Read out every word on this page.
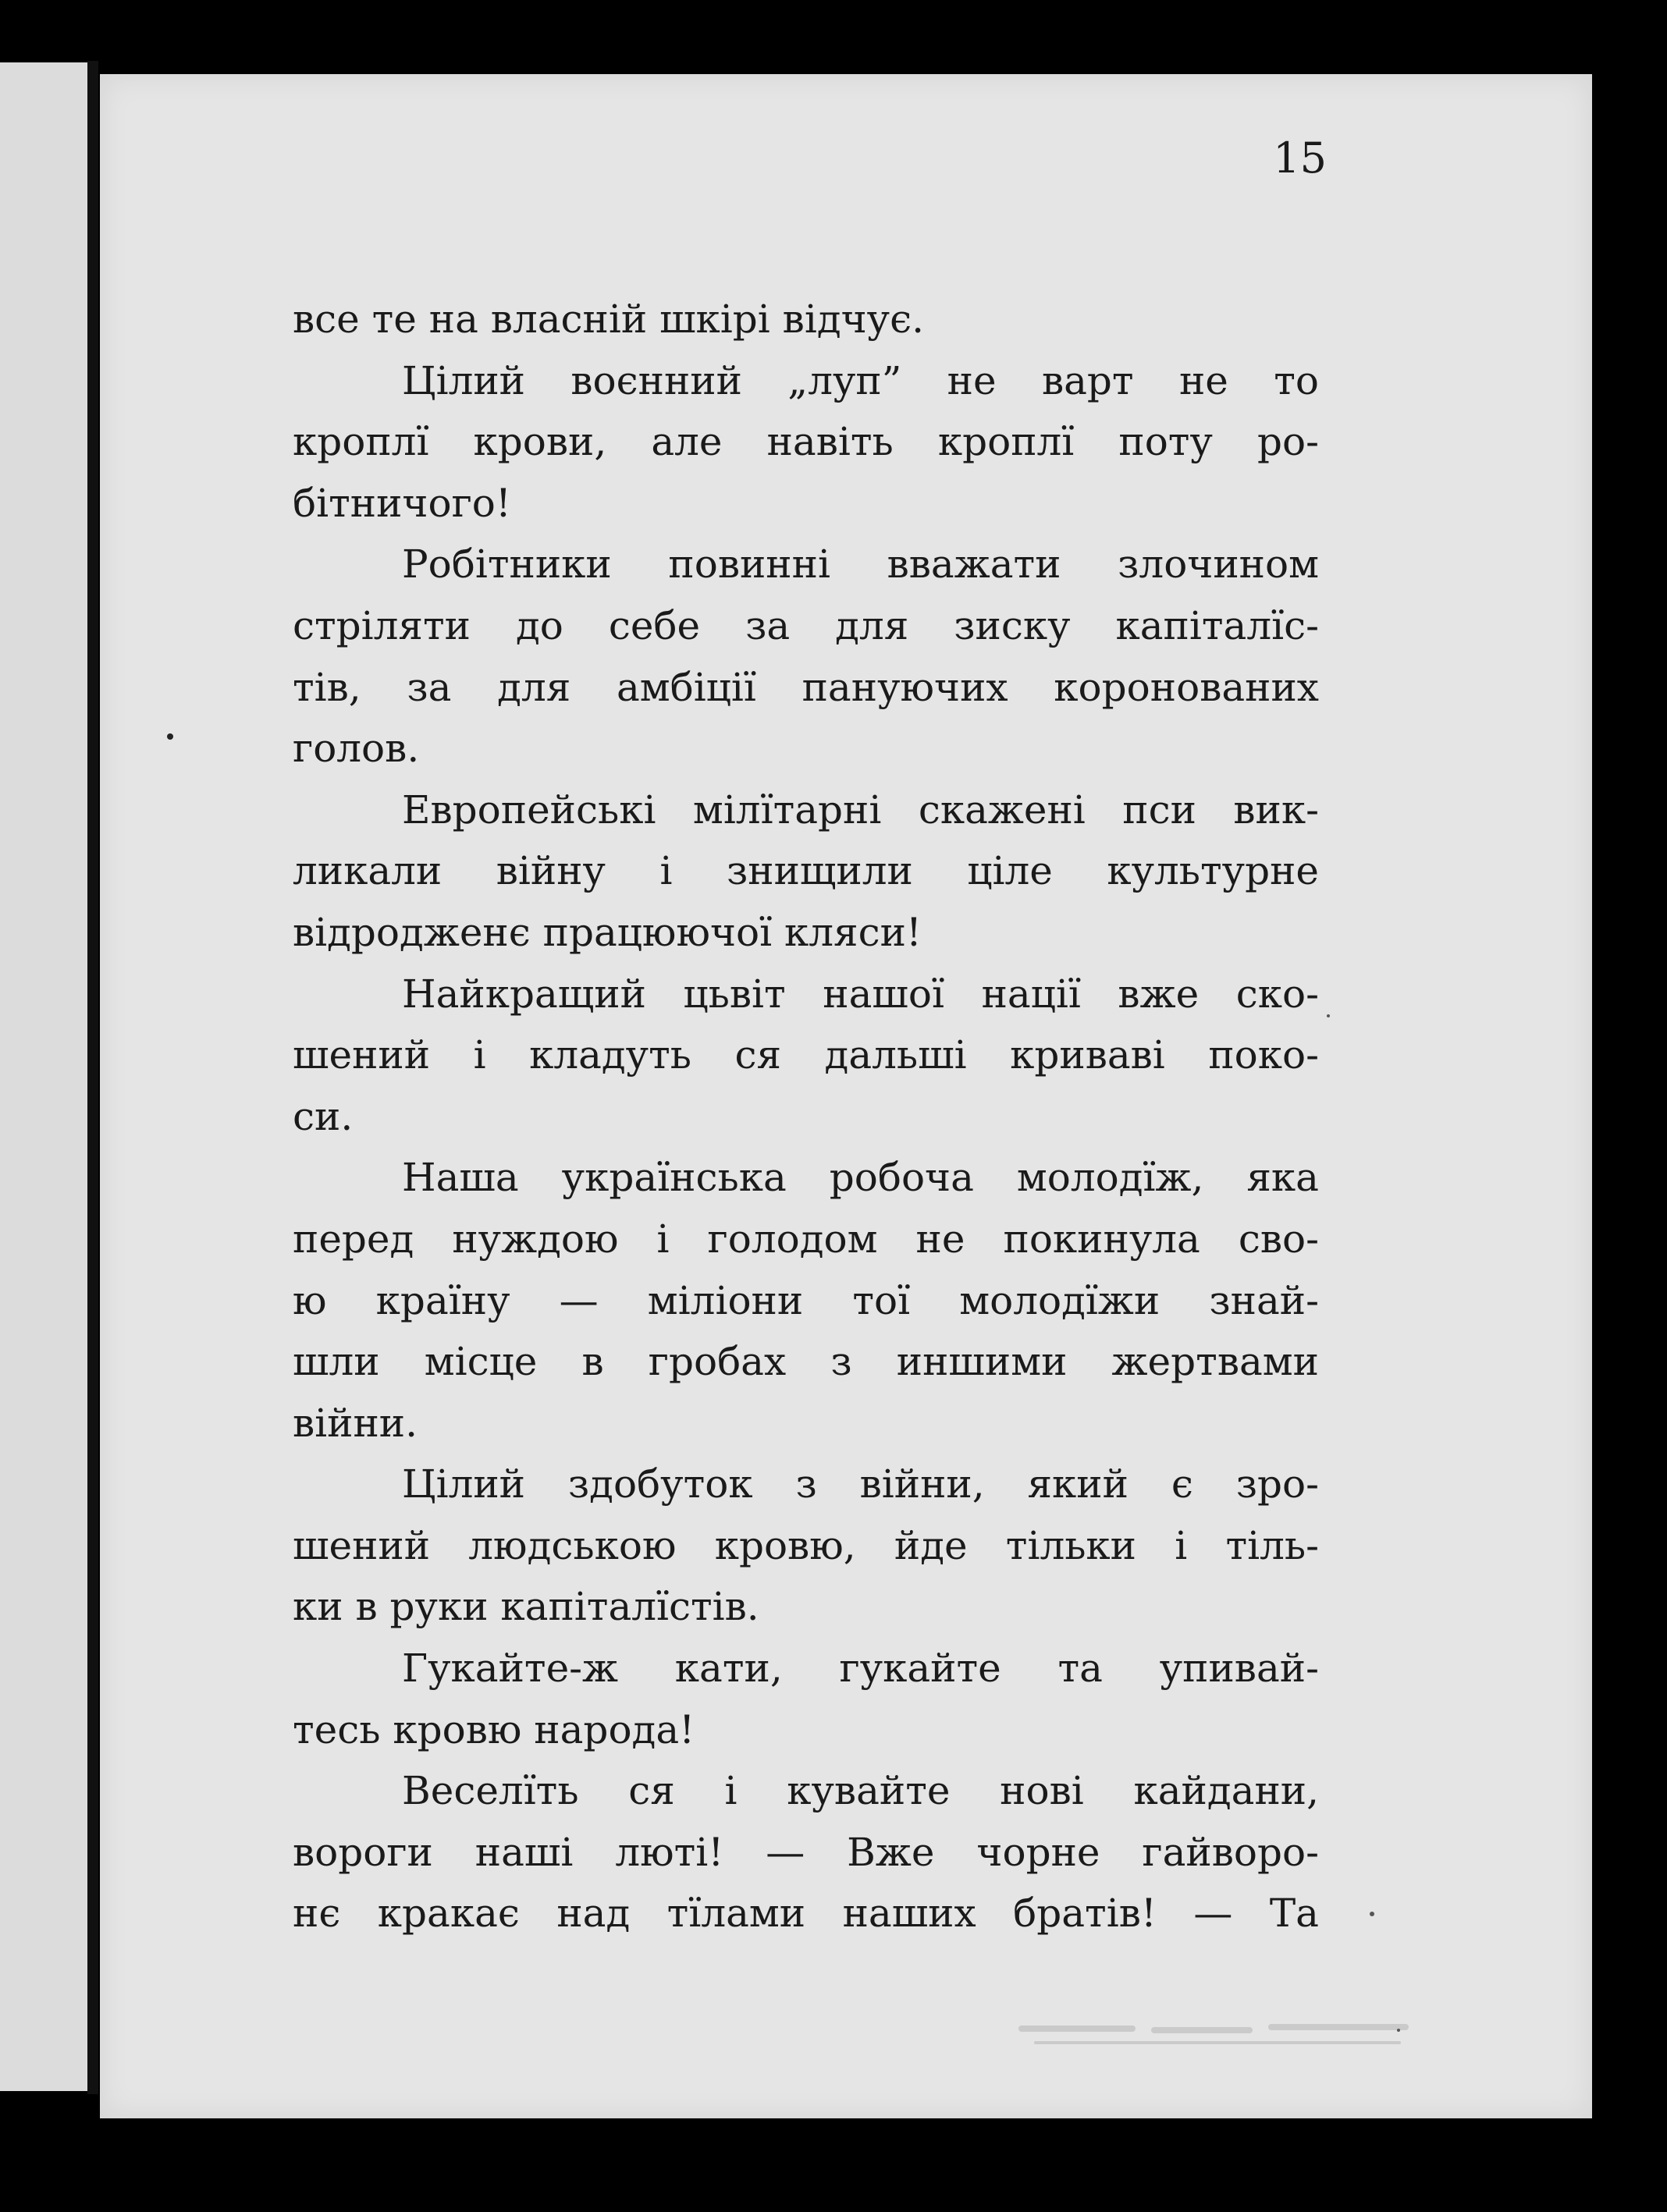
15
все те на власній шкірі відчує.
Цілий воєнний „луп” не варт не то
кроплї крови, але навіть кроплї поту ро-
бітничого!
Робітники повинні вважати злочином
стріляти до себе за для зиску капіталїс-
тів, за для амбіції пануючих коронованих
голов.
Европейські мілїтарні скажені пси вик-
ликали війну і знищили ціле культурне
відродженє працюючої кляси!
Найкращий цьвіт нашої нації вже ско-
шений і кладуть ся дальші криваві поко-
си.
Наша українська робоча молодїж, яка
перед нуждою і голодом не покинула сво-
ю країну — міліони тої молодїжи знай-
шли місце в гробах з иншими жертвами
війни.
Цілий здобуток з війни, який є зро-
шений людською кровю, йде тільки і тіль-
ки в руки капіталїстів.
Гукайте-ж кати, гукайте та упивай-
тесь кровю народа!
Веселїть ся і кувайте нові кайдани,
вороги наші люті! — Вже чорне гайворо-
нє кракає над тїлами наших братів! — Та
